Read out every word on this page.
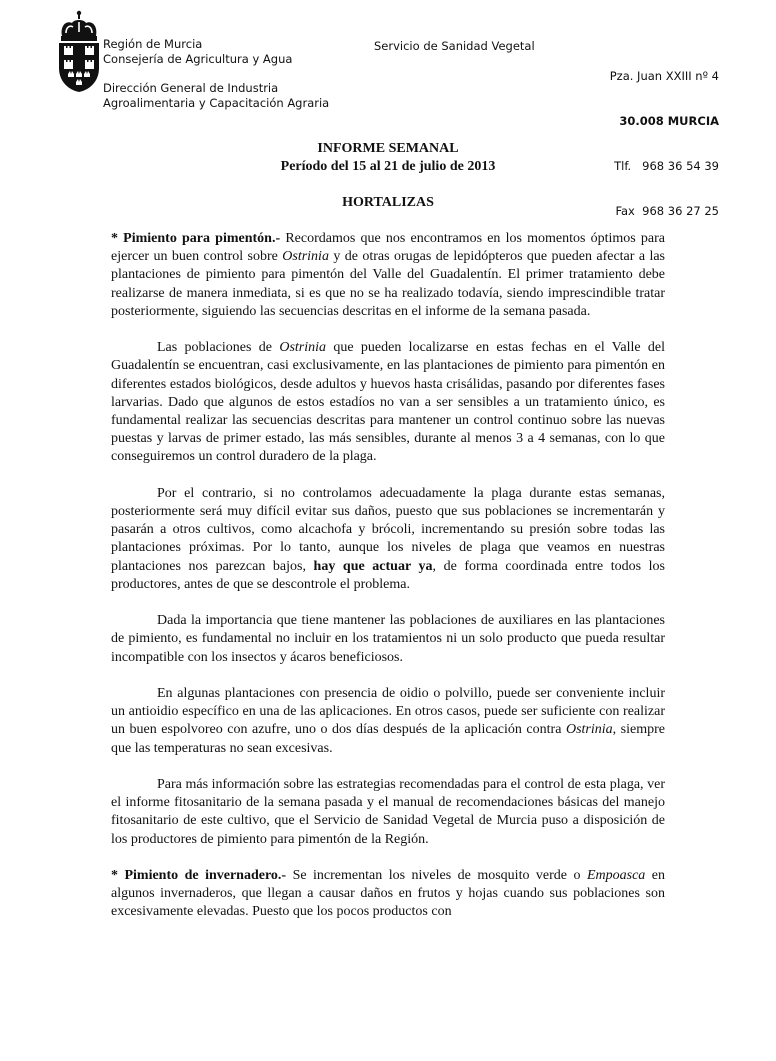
Región de Murcia
Consejería de Agricultura y Agua
Dirección General de Industria
Agroalimentaria y Capacitación Agraria
Servicio de Sanidad Vegetal

Pza. Juan XXIII nº 4

30.008 MURCIA

Tlf.   968 36 54 39

Fax  968 36 27 25

INFORME SEMANAL
Período del 15 al 21 de julio de 2013
HORTALIZAS

* Pimiento para pimentón.- Recordamos que nos encontramos en los momentos óptimos para ejercer un buen control sobre Ostrinia y de otras orugas de lepidópteros que pueden afectar a las plantaciones de pimiento para pimentón del Valle del Guadalentín. El primer tratamiento debe realizarse de manera inmediata, si es que no se ha realizado todavía, siendo imprescindible tratar posteriormente, siguiendo las secuencias descritas en el informe de la semana pasada.

Las poblaciones de Ostrinia que pueden localizarse en estas fechas en el Valle del Guadalentín se encuentran, casi exclusivamente, en las plantaciones de pimiento para pimentón en diferentes estados biológicos, desde adultos y huevos hasta crisálidas, pasando por diferentes fases larvarias. Dado que algunos de estos estadíos no van a ser sensibles a un tratamiento único, es fundamental realizar las secuencias descritas para mantener un control continuo sobre las nuevas puestas y larvas de primer estado, las más sensibles, durante al menos 3 a 4 semanas, con lo que conseguiremos un control duradero de la plaga.

Por el contrario, si no controlamos adecuadamente la plaga durante estas semanas, posteriormente será muy difícil evitar sus daños, puesto que sus poblaciones se incrementarán y pasarán a otros cultivos, como alcachofa y brócoli, incrementando su presión sobre todas las plantaciones próximas. Por lo tanto, aunque los niveles de plaga que veamos en nuestras plantaciones nos parezcan bajos, hay que actuar ya, de forma coordinada entre todos los productores, antes de que se descontrole el problema.

Dada la importancia que tiene mantener las poblaciones de auxiliares en las plantaciones de pimiento, es fundamental no incluir en los tratamientos ni un solo producto que pueda resultar incompatible con los insectos y ácaros beneficiosos.

En algunas plantaciones con presencia de oidio o polvillo, puede ser conveniente incluir un antioidio específico en una de las aplicaciones. En otros casos, puede ser suficiente con realizar un buen espolvoreo con azufre, uno o dos días después de la aplicación contra Ostrinia, siempre que las temperaturas no sean excesivas.

Para más información sobre las estrategias recomendadas para el control de esta plaga, ver el informe fitosanitario de la semana pasada y el manual de recomendaciones básicas del manejo fitosanitario de este cultivo, que el Servicio de Sanidad Vegetal de Murcia puso a disposición de los productores de pimiento para pimentón de la Región.

* Pimiento de invernadero.- Se incrementan los niveles de mosquito verde o Empoasca en algunos invernaderos, que llegan a causar daños en frutos y hojas cuando sus poblaciones son excesivamente elevadas. Puesto que los pocos productos con
